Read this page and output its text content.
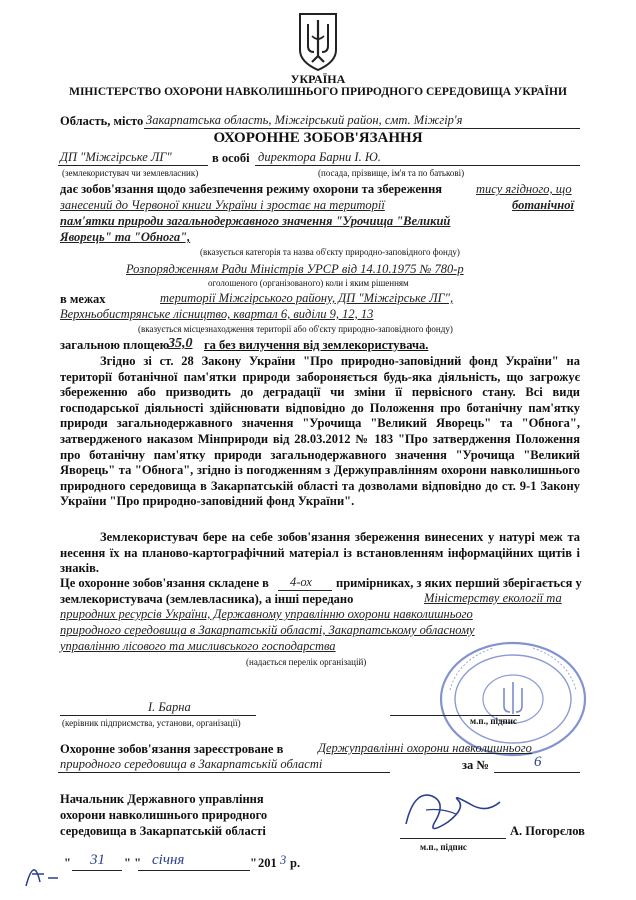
УКРАЇНА
МІНІСТЕРСТВО ОХОРОНИ НАВКОЛИШНЬОГО ПРИРОДНОГО СЕРЕДОВИЩА УКРАЇНИ
Область, місто Закарпатська область, Міжгірський район, смт. Міжгір'я
ОХОРОННЕ ЗОБОВ'ЯЗАННЯ
ДП "Міжгірське ЛГ"	в особі директора Барни І. Ю.
(землекористувач чи землевласник)	(посада, прізвище, ім'я та по батькові)
дає зобов'язання щодо забезпечення режиму охорони та збереження	тису ягідного, що
занесений до Червоної книги України і зростає на території	ботанічної
пам'ятки природи загальнодержавного значення "Урочища "Великий
Яворець" та "Обнога",
(вказується категорія та назва об'єкту природно-заповідного фонду)
Розпорядженням Ради Міністрів УРСР від 14.10.1975 № 780-р
оголошеного (організованого) коли і яким рішенням
в межах	території Міжгірського району, ДП "Міжгірське ЛГ",
Верхньобистрянське лісництво, квартал 6, виділи 9, 12, 13
(вказується місцезнаходження території або об'єкту природно-заповідного фонду)
загальною площею
35,0 га без вилучення від землекористувача.
Згідно зі ст. 28 Закону України "Про природно-заповідний фонд України" на території ботанічної пам'ятки природи забороняється будь-яка діяльність, що загрожує збереженню або призводить до деградації чи зміни її первісного стану. Всі види господарської діяльності здійснювати відповідно до Положення про ботанічну пам'ятку природи загальнодержавного значення "Урочища "Великий Яворець" та "Обнога", затвердженого наказом Мінприроди від 28.03.2012 № 183 "Про затвердження Положення про ботанічну пам'ятку природи загальнодержавного значення "Урочища "Великий Яворець" та "Обнога", згідно із погодженням з Держуправлінням охорони навколишнього природного середовища в Закарпатській області та дозволами відповідно до ст. 9-1 Закону України "Про природно-заповідний фонд України".
Землекористувач бере на себе зобов'язання збереження винесених у натурі меж та несення їх на планово-картографічний матеріал із встановленням інформаційних щитів і знаків.
Це охоронне зобов'язання складене в 4-ох примірниках, з яких перший зберігається у
землекористувача (землевласника), а інші передано	Міністерству екології та
природних ресурсів України, Державному управлінню охорони навколишнього
природного середовища в Закарпатській області, Закарпатському обласному
управлінню лісового та мисливського господарства
(надається перелік організацій)
І. Барна
(керівник підприємства, установи, організації)	м.п., підпис
Охоронне зобов'язання зареєстроване в	Держуправлінні охорони навколишнього
природного середовища в Закарпатській області	за №	6
Начальник Державного управління
охорони навколишнього природного
середовища в Закарпатській області	А. Погорєлов
м.п., підпис
" 31 " " січня	" 201 3 р.
